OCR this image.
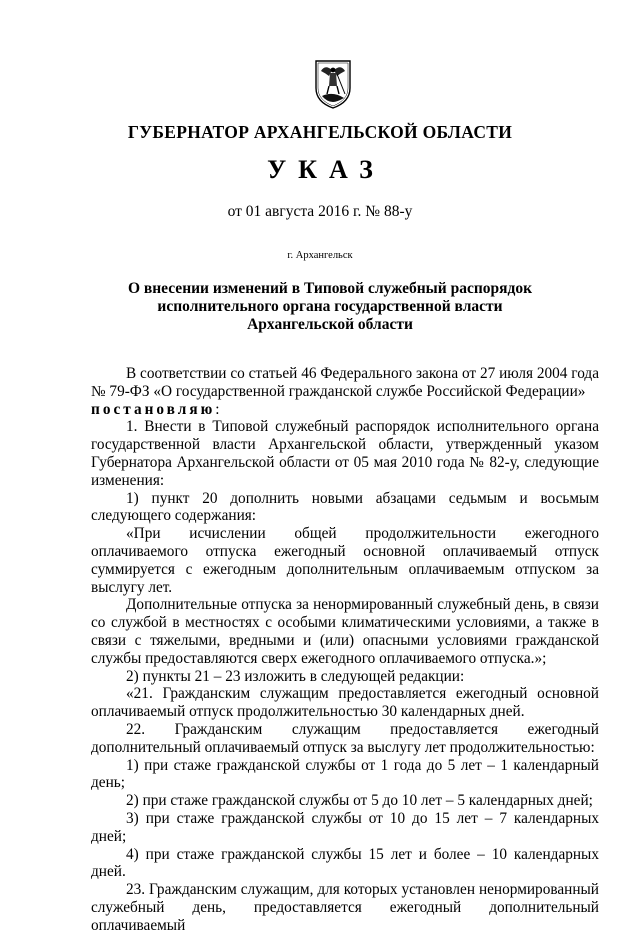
ГУБЕРНАТОР АРХАНГЕЛЬСКОЙ ОБЛАСТИ
УКАЗ
от 01 августа 2016 г. № 88-у
г. Архангельск
О внесении изменений в Типовой служебный распорядок
исполнительного органа государственной власти
Архангельской области

В соответствии со статьей 46 Федерального закона от 27 июля 2004 года № 79-ФЗ «О государственной гражданской службе Российской Федерации»

постановляю:

1. Внести в Типовой служебный распорядок исполнительного органа государственной власти Архангельской области, утвержденный указом Губернатора Архангельской области от 05 мая 2010 года № 82-у, следующие изменения:

1) пункт 20 дополнить новыми абзацами седьмым и восьмым следующего содержания:

«При исчислении общей продолжительности ежегодного оплачиваемого отпуска ежегодный основной оплачиваемый отпуск суммируется с ежегодным дополнительным оплачиваемым отпуском за выслугу лет.

Дополнительные отпуска за ненормированный служебный день, в связи со службой в местностях с особыми климатическими условиями, а также в связи с тяжелыми, вредными и (или) опасными условиями гражданской службы предоставляются сверх ежегодного оплачиваемого отпуска.»;

2) пункты 21 – 23 изложить в следующей редакции:

«21. Гражданским служащим предоставляется ежегодный основной оплачиваемый отпуск продолжительностью 30 календарных дней.

22. Гражданским служащим предоставляется ежегодный дополнительный оплачиваемый отпуск за выслугу лет продолжительностью:

1) при стаже гражданской службы от 1 года до 5 лет – 1 календарный день;

2) при стаже гражданской службы от 5 до 10 лет – 5 календарных дней;

3) при стаже гражданской службы от 10 до 15 лет – 7 календарных дней;

4) при стаже гражданской службы 15 лет и более – 10 календарных дней.

23. Гражданским служащим, для которых установлен ненормированный служебный день, предоставляется ежегодный дополнительный оплачиваемый
